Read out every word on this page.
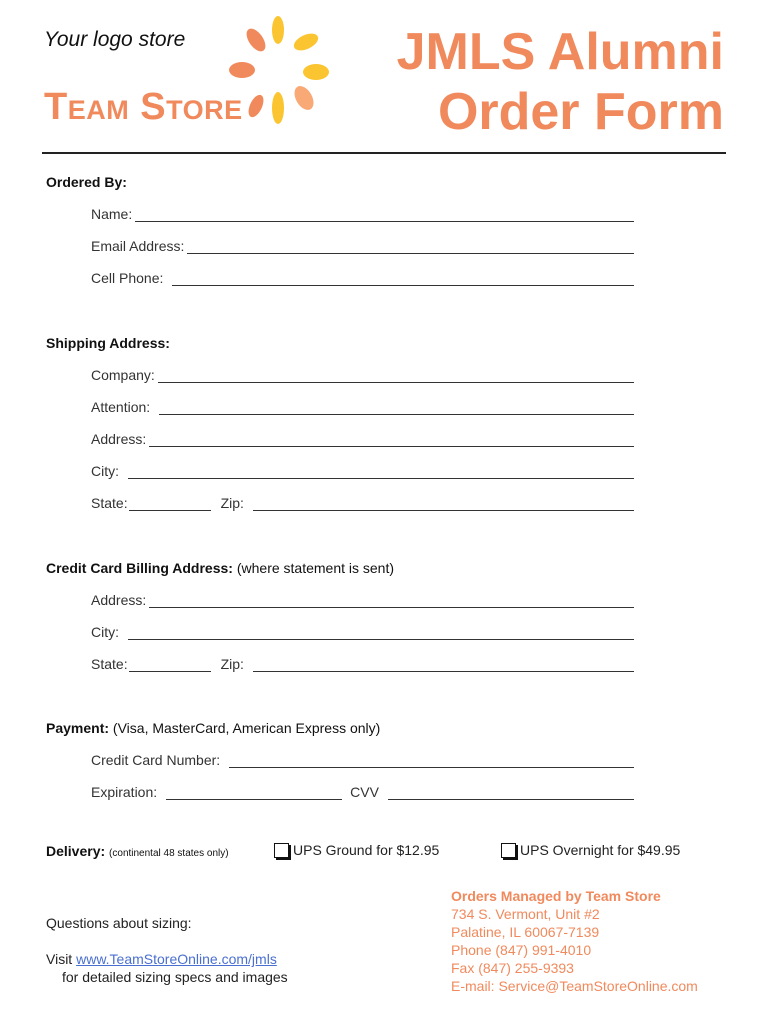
Your logo store
Team Store
JMLS Alumni
Order Form
Ordered By:
Name:
Email Address:
Cell Phone:
Shipping Address:
Company:
Attention:
Address:
City:
State:	Zip:
Credit Card Billing Address: (where statement is sent)
Address:
City:
State:	Zip:
Payment: (Visa, MasterCard, American Express only)
Credit Card Number:
Expiration:	CVV
Delivery: (continental 48 states only)	UPS Ground for $12.95	UPS Overnight for $49.95
Questions about sizing:
Visit www.TeamStoreOnline.com/jmls
for detailed sizing specs and images
Orders Managed by Team Store
734 S. Vermont, Unit #2
Palatine, IL 60067-7139
Phone (847) 991-4010
Fax (847) 255-9393
E-mail: Service@TeamStoreOnline.com
